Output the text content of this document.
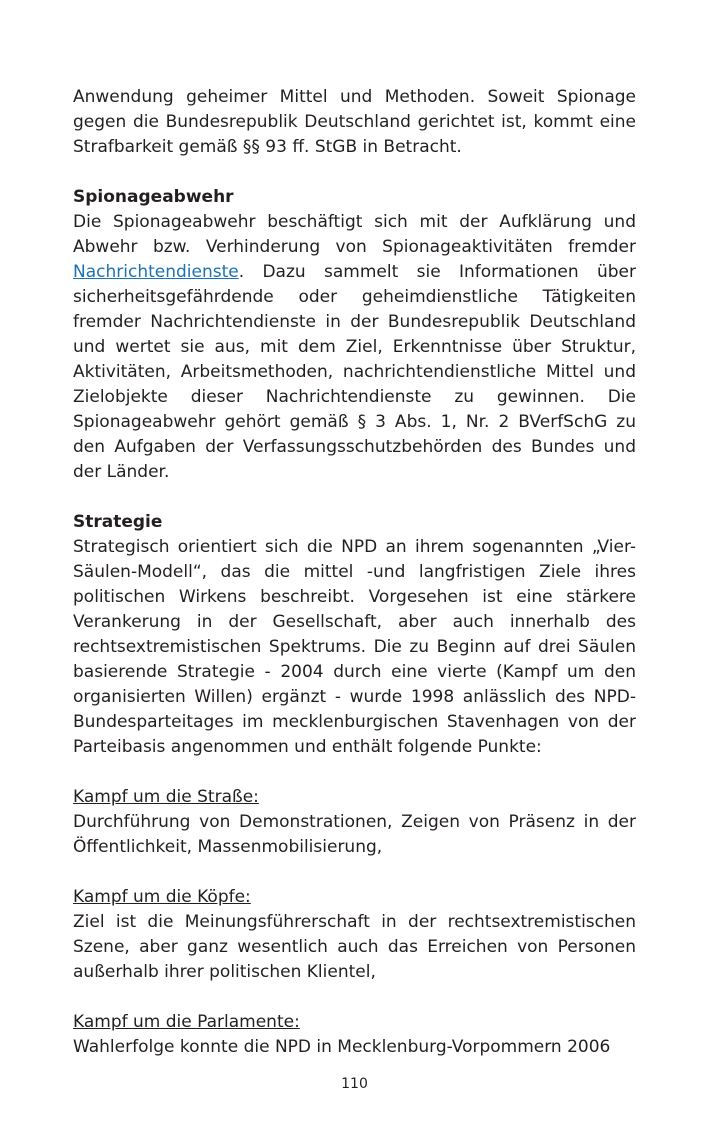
Anwendung geheimer Mittel und Methoden. Soweit Spionage gegen die Bundesrepublik Deutschland gerichtet ist, kommt eine Strafbarkeit gemäß §§ 93 ff. StGB in Betracht.

Spionageabwehr

Die Spionageabwehr beschäftigt sich mit der Aufklärung und Abwehr bzw. Verhinderung von Spionageaktivitäten fremder Nachrichtendienste. Dazu sammelt sie Informationen über sicherheitsgefährdende oder geheimdienstliche Tätigkeiten fremder Nachrichtendienste in der Bundesrepublik Deutschland und wertet sie aus, mit dem Ziel, Erkenntnisse über Struktur, Aktivitäten, Arbeitsmethoden, nachrichtendienstliche Mittel und Zielobjekte dieser Nachrichtendienste zu gewinnen. Die Spionageabwehr gehört gemäß § 3 Abs. 1, Nr. 2 BVerfSchG zu den Aufgaben der Verfassungsschutzbehörden des Bundes und der Länder.

Strategie

Strategisch orientiert sich die NPD an ihrem sogenannten „Vier-Säulen-Modell“, das die mittel -und langfristigen Ziele ihres politischen Wirkens beschreibt. Vorgesehen ist eine stärkere Verankerung in der Gesellschaft, aber auch innerhalb des rechtsextremistischen Spektrums. Die zu Beginn auf drei Säulen basierende Strategie - 2004 durch eine vierte (Kampf um den organisierten Willen) ergänzt - wurde 1998 anlässlich des NPD-Bundesparteitages im mecklenburgischen Stavenhagen von der Parteibasis angenommen und enthält folgende Punkte:

Kampf um die Straße:

Durchführung von Demonstrationen, Zeigen von Präsenz in der Öffentlichkeit, Massenmobilisierung,

Kampf um die Köpfe:

Ziel ist die Meinungsführerschaft in der rechtsextremistischen Szene, aber ganz wesentlich auch das Erreichen von Personen außerhalb ihrer politischen Klientel,

Kampf um die Parlamente:

Wahlerfolge konnte die NPD in Mecklenburg-Vorpommern 2006

110
